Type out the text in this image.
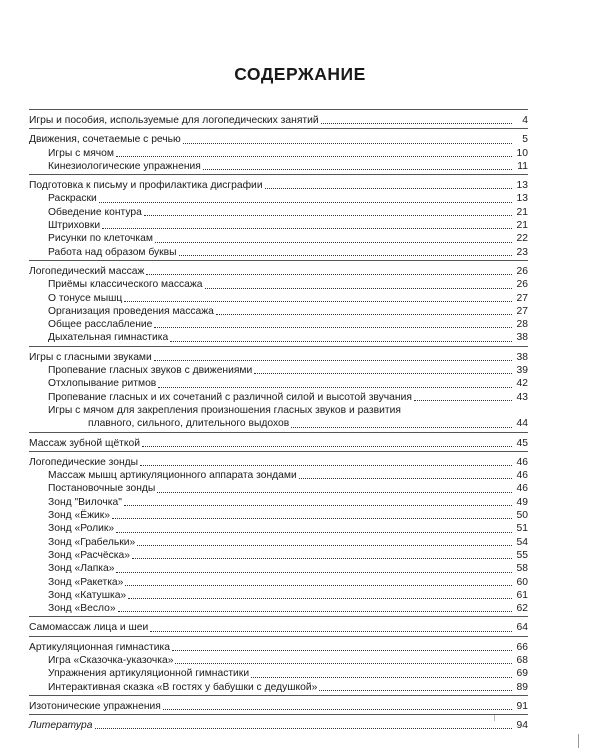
СОДЕРЖАНИЕ
Игры и пособия, используемые для логопедических занятий	4
Движения, сочетаемые с речью	5
Игры с мячом	10
Кинезиологические упражнения	11
Подготовка к письму и профилактика дисграфии	13
Раскраски	13
Обведение контура	21
Штриховки	21
Рисунки по клеточкам	22
Работа над образом буквы	23
Логопедический массаж	26
Приёмы классического массажа	26
О тонусе мышц	27
Организация проведения массажа	27
Общее расслабление	28
Дыхательная гимнастика	38
Игры с гласными звуками	38
Пропевание гласных звуков с движениями	39
Отхлопывание ритмов	42
Пропевание гласных и их сочетаний с различной силой и высотой звучания	43
Игры с мячом для закрепления произношения гласных звуков и развития
плавного, сильного, длительного выдохов	44
Массаж зубной щёткой	45
Логопедические зонды	46
Массаж мышц артикуляционного аппарата зондами	46
Постановочные зонды	46
Зонд "Вилочка"	49
Зонд «Ёжик»	50
Зонд «Ролик»	51
Зонд «Грабельки»	54
Зонд «Расчёска»	55
Зонд «Лапка»	58
Зонд «Ракетка»	60
Зонд «Катушка»	61
Зонд «Весло»	62
Самомассаж лица и шеи	64
Артикуляционная гимнастика	66
Игра «Сказочка-указочка»	68
Упражнения артикуляционной гимнастики	69
Интерактивная сказка «В гостях у бабушки с дедушкой»	89
Изотонические упражнения	91
Литература	94
